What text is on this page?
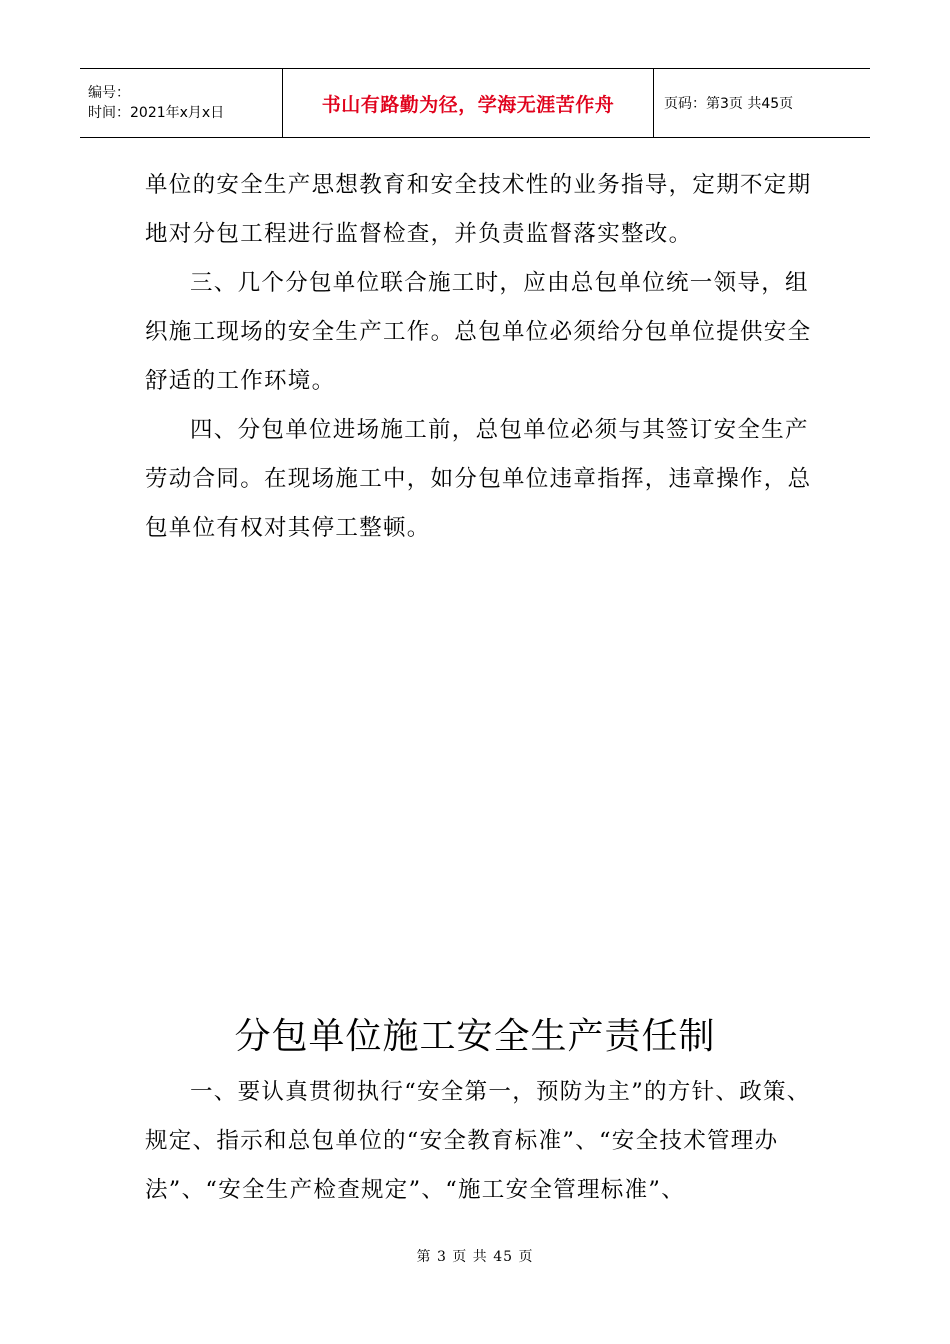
编号：
时间：2021年x月x日	书山有路勤为径，学海无涯苦作舟	页码：第3页 共45页

单位的安全生产思想教育和安全技术性的业务指导，定期不定期地对分包工程进行监督检查，并负责监督落实整改。

三、几个分包单位联合施工时，应由总包单位统一领导，组织施工现场的安全生产工作。总包单位必须给分包单位提供安全舒适的工作环境。

四、分包单位进场施工前，总包单位必须与其签订安全生产劳动合同。在现场施工中，如分包单位违章指挥，违章操作，总包单位有权对其停工整顿。

分包单位施工安全生产责任制

一、要认真贯彻执行“安全第一，预防为主”的方针、政策、规定、指示和总包单位的“安全教育标准”、“安全技术管理办法”、“安全生产检查规定”、“施工安全管理标准”、

第 3 页 共 45 页
